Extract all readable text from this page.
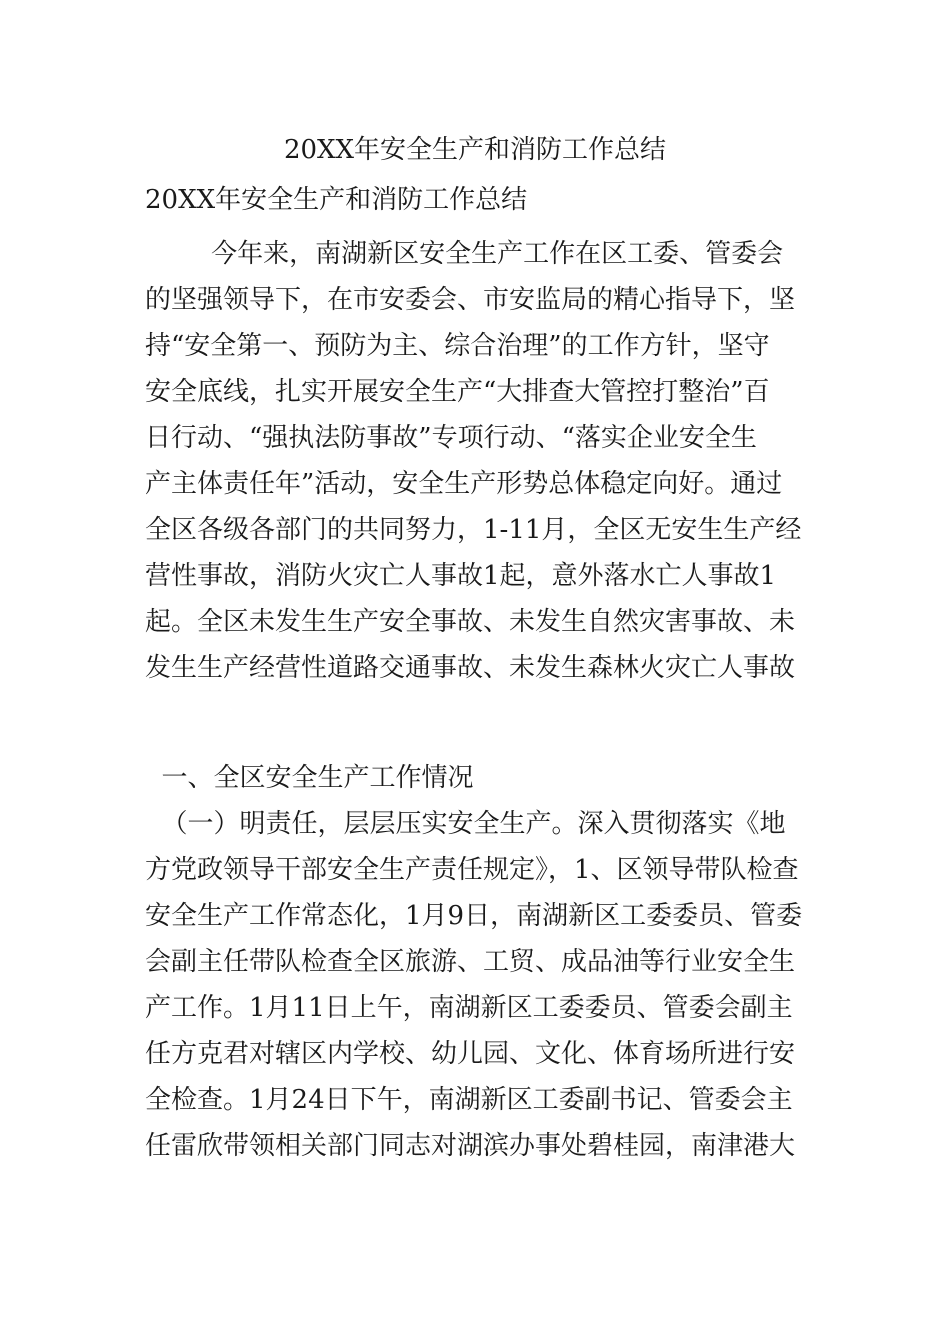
20XX年安全生产和消防工作总结
20XX年安全生产和消防工作总结
今年来，南湖新区安全生产工作在区工委、管委会
的坚强领导下，在市安委会、市安监局的精心指导下，坚
持“安全第一、预防为主、综合治理”的工作方针，坚守
安全底线，扎实开展安全生产“大排查大管控打整治”百
日行动、“强执法防事故”专项行动、“落实企业安全生
产主体责任年”活动，安全生产形势总体稳定向好。通过
全区各级各部门的共同努力，1-11月，全区无安生生产经
营性事故，消防火灾亡人事故1起，意外落水亡人事故1
起。全区未发生生产安全事故、未发生自然灾害事故、未
发生生产经营性道路交通事故、未发生森林火灾亡人事故
一、全区安全生产工作情况
（一）明责任，层层压实安全生产。深入贯彻落实《地
方党政领导干部安全生产责任规定》，1、区领导带队检查
安全生产工作常态化，1月9日，南湖新区工委委员、管委
会副主任带队检查全区旅游、工贸、成品油等行业安全生
产工作。1月11日上午，南湖新区工委委员、管委会副主
任方克君对辖区内学校、幼儿园、文化、体育场所进行安
全检查。1月24日下午，南湖新区工委副书记、管委会主
任雷欣带领相关部门同志对湖滨办事处碧桂园，南津港大
